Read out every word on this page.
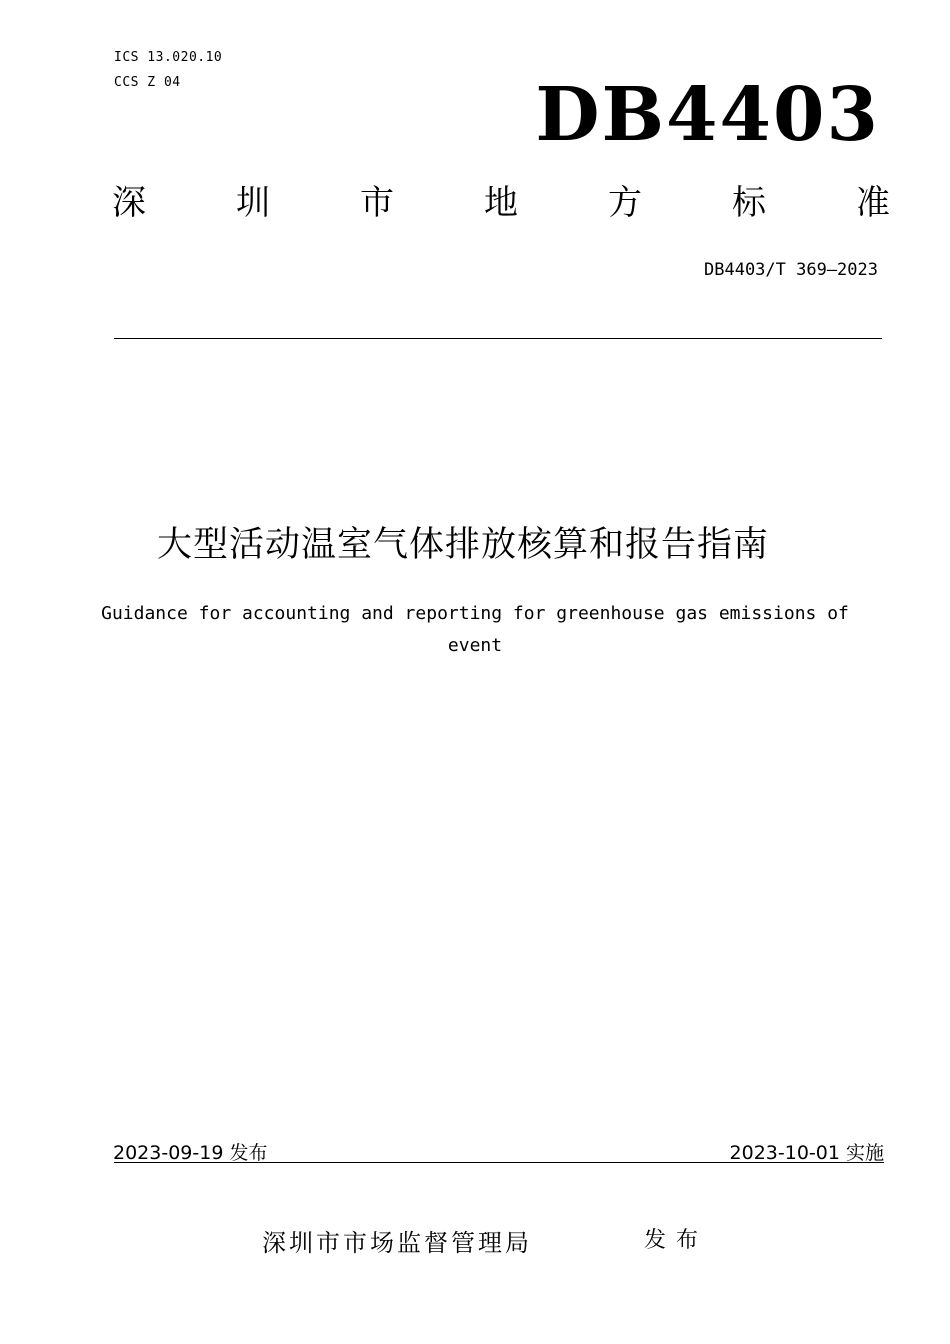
ICS 13.020.10
CCS Z 04	DB4403
深	圳	市	地	方	标	准
DB4403/T 369—2023
大型活动温室气体排放核算和报告指南
Guidance for accounting and reporting for greenhouse gas emissions of event
2023-09-19 发布	2023-10-01 实施
深圳市市场监督管理局	发布
